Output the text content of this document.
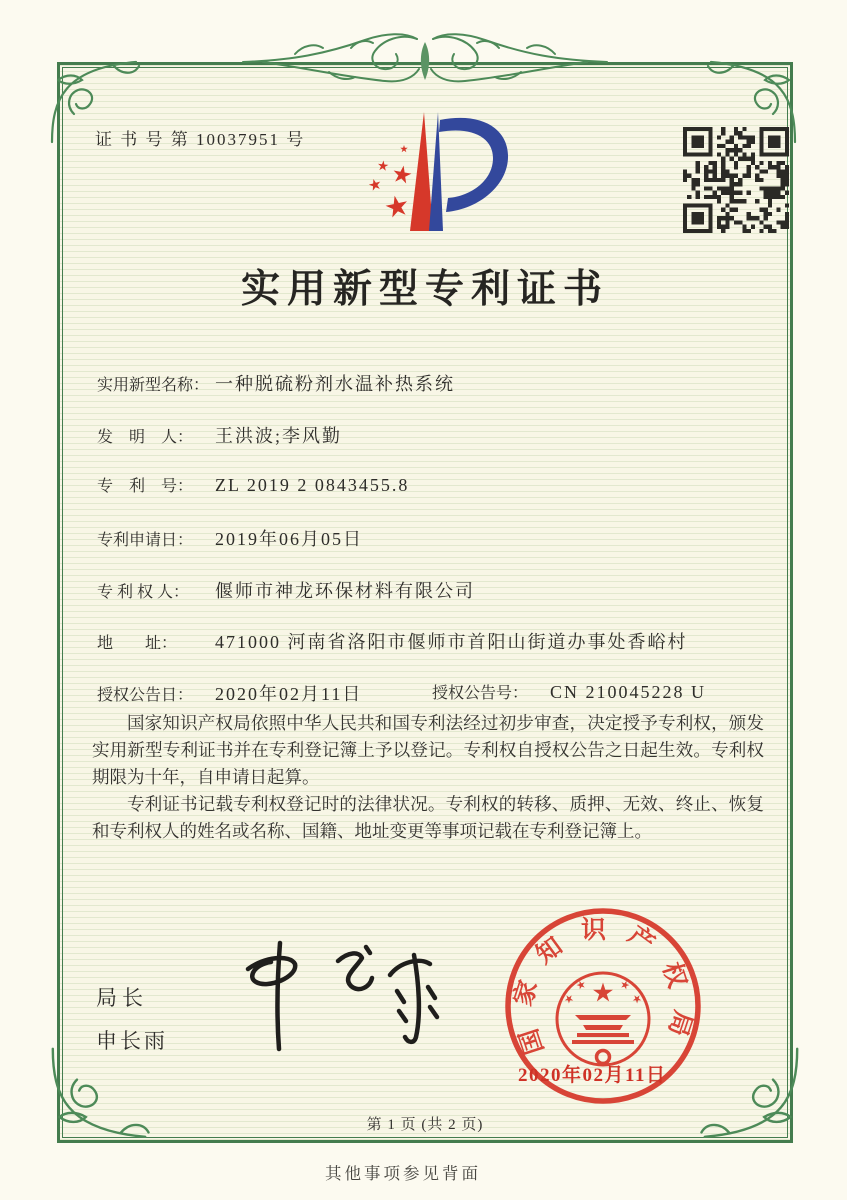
证 书 号 第 10037951 号
实用新型专利证书
实用新型名称： 一种脱硫粉剂水温补热系统
发　明　人： 王洪波;李风勤
专　利　号： ZL 2019 2 0843455.8
专利申请日： 2019年06月05日
专 利 权 人： 偃师市神龙环保材料有限公司
地　　址： 471000 河南省洛阳市偃师市首阳山街道办事处香峪村
授权公告日： 2020年02月11日	授权公告号： CN 210045228 U

国家知识产权局依照中华人民共和国专利法经过初步审查，决定授予专利权，颁发实用新型专利证书并在专利登记簿上予以登记。专利权自授权公告之日起生效。专利权期限为十年，自申请日起算。

专利证书记载专利权登记时的法律状况。专利权的转移、质押、无效、终止、恢复和专利权人的姓名或名称、国籍、地址变更等事项记载在专利登记簿上。

局长
申长雨	国家知识产权局
2020年02月11日
第 1 页 (共 2 页)
其他事项参见背面
